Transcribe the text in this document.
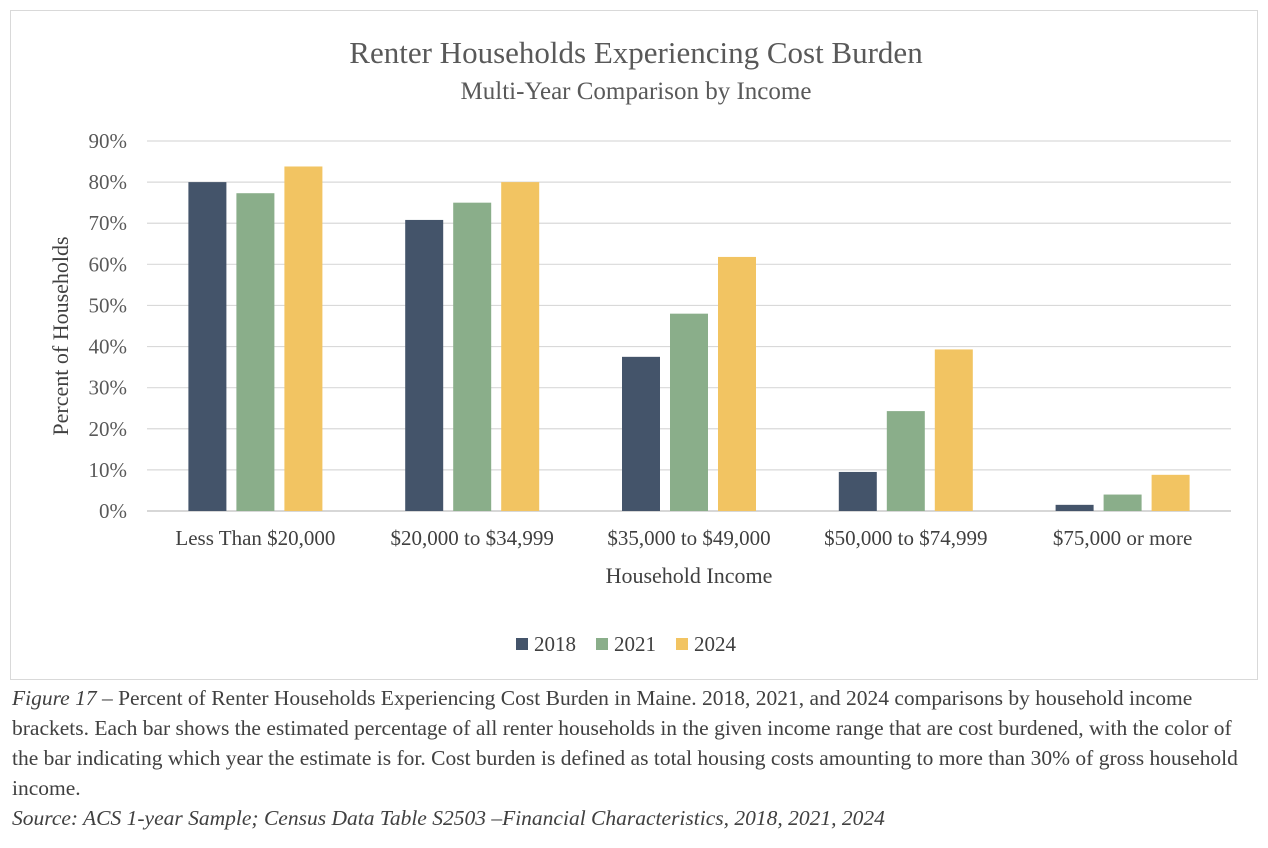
Renter Households Experiencing Cost Burden
Multi-Year Comparison by Income
0%
10%
20%
30%
40%
50%
60%
70%
80%
90%
Less Than $20,000	$20,000 to $34,999	$35,000 to $49,000	$50,000 to $74,999	$75,000 or more
Household Income
Percent of Households
2018 2021 2024
Figure 17 – Percent of Renter Households Experiencing Cost Burden in Maine. 2018, 2021, and 2024 comparisons by household income brackets. Each bar shows the estimated percentage of all renter households in the given income range that are cost burdened, with the color of the bar indicating which year the estimate is for. Cost burden is defined as total housing costs amounting to more than 30% of gross household income.
Source: ACS 1-year Sample; Census Data Table S2503 –Financial Characteristics, 2018, 2021, 2024
